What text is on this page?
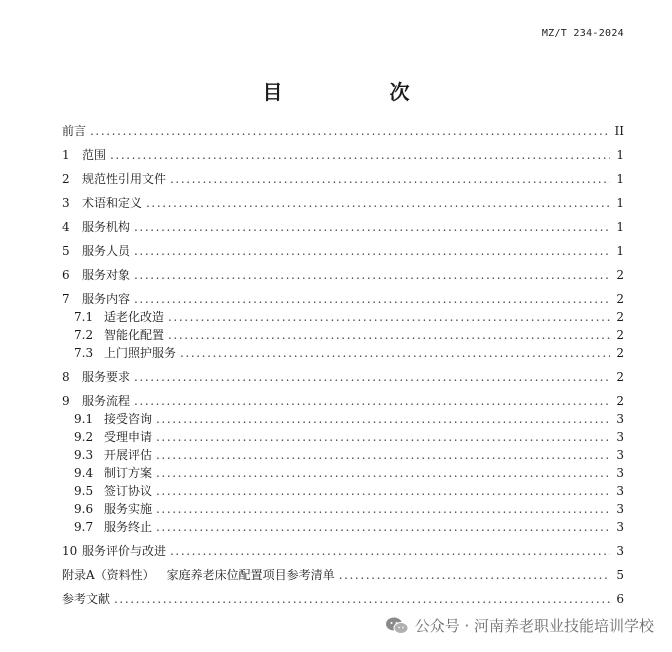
MZ/T 234-2024
目 次
前言 .....	II
1	范围 .....	1
2	规范性引用文件 .....	1
3	术语和定义 .....	1
4	服务机构 .....	1
5	服务人员 .....	1
6	服务对象 .....	2
7	服务内容 .....	2
7.1 适老化改造 .....	2
7.2 智能化配置 .....	2
7.3 上门照护服务 .....	2
8	服务要求 .....	2
9	服务流程 .....	2
9.1 接受咨询 .....	3
9.2 受理申请 .....	3
9.3 开展评估 .....	3
9.4 制订方案 .....	3
9.5 签订协议 .....	3
9.6 服务实施 .....	3
9.7 服务终止 .....	3
10 服务评价与改进 .....	3
附录A（资料性） 家庭养老床位配置项目参考清单 .....	5
参考文献 .....	6
公众号 · 河南养老职业技能培训学校
